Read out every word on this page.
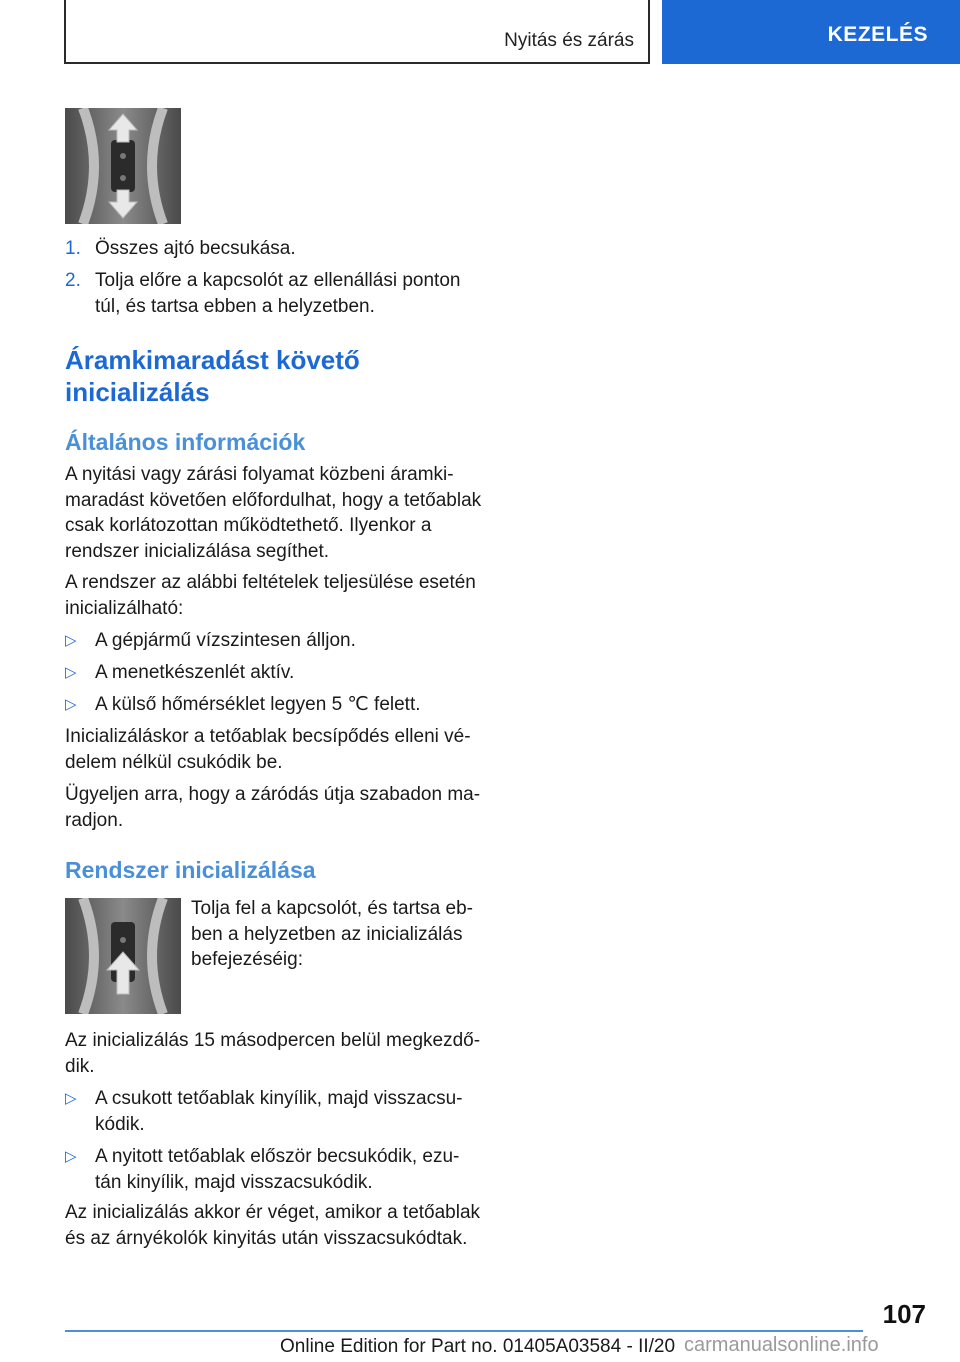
Nyitás és zárás	KEZELÉS
1. Összes ajtó becsukása.
2. Tolja előre a kapcsolót az ellenállási ponton túl, és tartsa ebben a helyzetben.
Áramkimaradást követő inicializálás
Általános információk
A nyitási vagy zárási folyamat közbeni áramki-maradást követően előfordulhat, hogy a tetőablak csak korlátozottan működtethető. Ilyenkor a rendszer inicializálása segíthet.
A rendszer az alábbi feltételek teljesülése esetén inicializálható:
▷ A gépjármű vízszintesen álljon.
▷ A menetkészenlét aktív.
▷ A külső hőmérséklet legyen 5 ℃ felett.
Inicializáláskor a tetőablak becsípődés elleni vé-delem nélkül csukódik be.
Ügyeljen arra, hogy a záródás útja szabadon ma-radjon.
Rendszer inicializálása
Tolja fel a kapcsolót, és tartsa eb-ben a helyzetben az inicializálás befejezéséig:
Az inicializálás 15 másodpercen belül megkezdő-dik.
▷ A csukott tetőablak kinyílik, majd visszacsu-kódik.
▷ A nyitott tetőablak először becsukódik, ezu-tán kinyílik, majd visszacsukódik.
Az inicializálás akkor ér véget, amikor a tetőablak és az árnyékolók kinyitás után visszacsukódtak.
107
Online Edition for Part no. 01405A03584 - II/20 carmanualsonline.info
